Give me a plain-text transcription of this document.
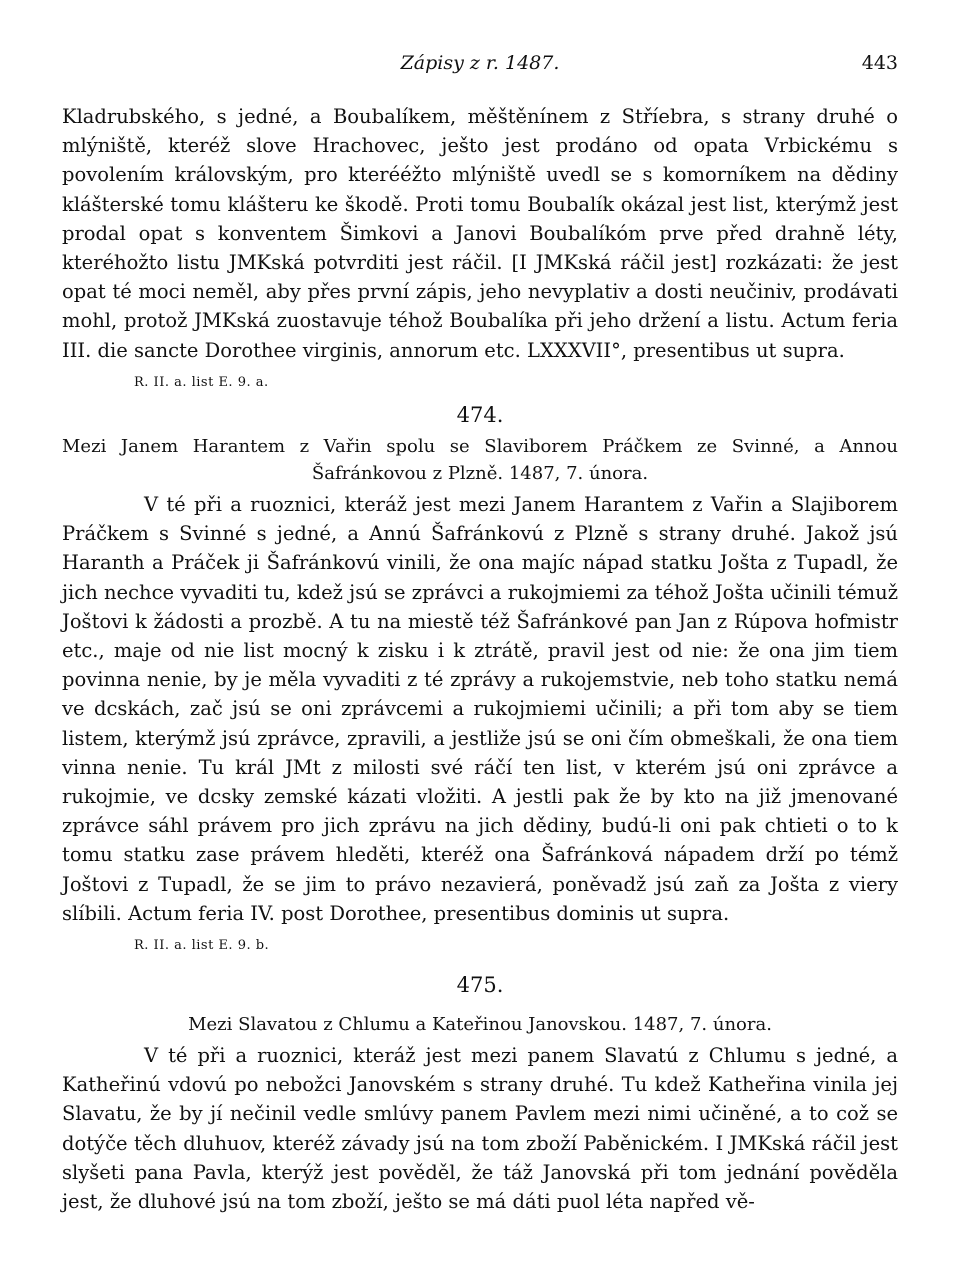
Zápisy z r. 1487.	443

Kladrubského, s jedné, a Boubalíkem, měštěnínem z Stříebra, s strany druhé o mlýniště, kteréž slove Hrachovec, ješto jest prodáno od opata Vrbickému s povolením královským, pro kterééžto mlýniště uvedl se s komorníkem na dědiny klášterské tomu klášteru ke škodě. Proti tomu Boubalík okázal jest list, kterýmž jest prodal opat s konventem Šimkovi a Janovi Boubalíkóm prve před drahně léty, kteréhožto listu JMKská potvrditi jest ráčil. [I JMKská ráčil jest] rozkázati: že jest opat té moci neměl, aby přes první zápis, jeho nevyplativ a dosti neučiniv, prodávati mohl, protož JMKská zuostavuje téhož Boubalíka při jeho držení a listu. Actum feria III. die sancte Dorothee virginis, annorum etc. LXXXVII°, presentibus ut supra.

R. II. a. list E. 9. a.
474.

Mezi Janem Harantem z Vařin spolu se Slaviborem Práčkem ze Svinné, a Annou Šafránkovou z Plzně. 1487, 7. února.

V té při a ruoznici, kteráž jest mezi Janem Harantem z Vařin a Slajiborem Práčkem s Svinné s jedné, a Annú Šafránkovú z Plzně s strany druhé. Jakož jsú Haranth a Práček ji Šafránkovú vinili, že ona majíc nápad statku Jošta z Tupadl, že jich nechce vyvaditi tu, kdež jsú se zprávci a rukojmiemi za téhož Jošta učinili témuž Joštovi k žádosti a prozbě. A tu na miestě též Šafránkové pan Jan z Rúpova hofmistr etc., maje od nie list mocný k zisku i k ztrátě, pravil jest od nie: že ona jim tiem povinna nenie, by je měla vyvaditi z té zprávy a rukojemstvie, neb toho statku nemá ve dcskách, zač jsú se oni zprávcemi a rukojmiemi učinili; a při tom aby se tiem listem, kterýmž jsú zprávce, zpravili, a jestliže jsú se oni čím obmeškali, že ona tiem vinna nenie. Tu král JMt z milosti své ráčí ten list, v kterém jsú oni zprávce a rukojmie, ve dcsky zemské kázati vložiti. A jestli pak že by kto na již jmenované zprávce sáhl právem pro jich zprávu na jich dědiny, budú-li oni pak chtieti o to k tomu statku zase právem hleděti, kteréž ona Šafránková nápadem drží po témž Joštovi z Tupadl, že se jim to právo nezavierá, poněvadž jsú zaň za Jošta z viery slíbili. Actum feria IV. post Dorothee, presentibus dominis ut supra.

R. II. a. list E. 9. b.
475.

Mezi Slavatou z Chlumu a Kateřinou Janovskou. 1487, 7. února.

V té při a ruoznici, kteráž jest mezi panem Slavatú z Chlumu s jedné, a Katheřinú vdovú po nebožci Janovském s strany druhé. Tu kdež Katheřina vinila jej Slavatu, že by jí nečinil vedle smlúvy panem Pavlem mezi nimi učiněné, a to což se dotýče těch dluhuov, kteréž závady jsú na tom zboží Paběnickém. I JMKská ráčil jest slyšeti pana Pavla, kterýž jest pověděl, že táž Janovská při tom jednání pověděla jest, že dluhové jsú na tom zboží, ješto se má dáti puol léta napřed vě-
